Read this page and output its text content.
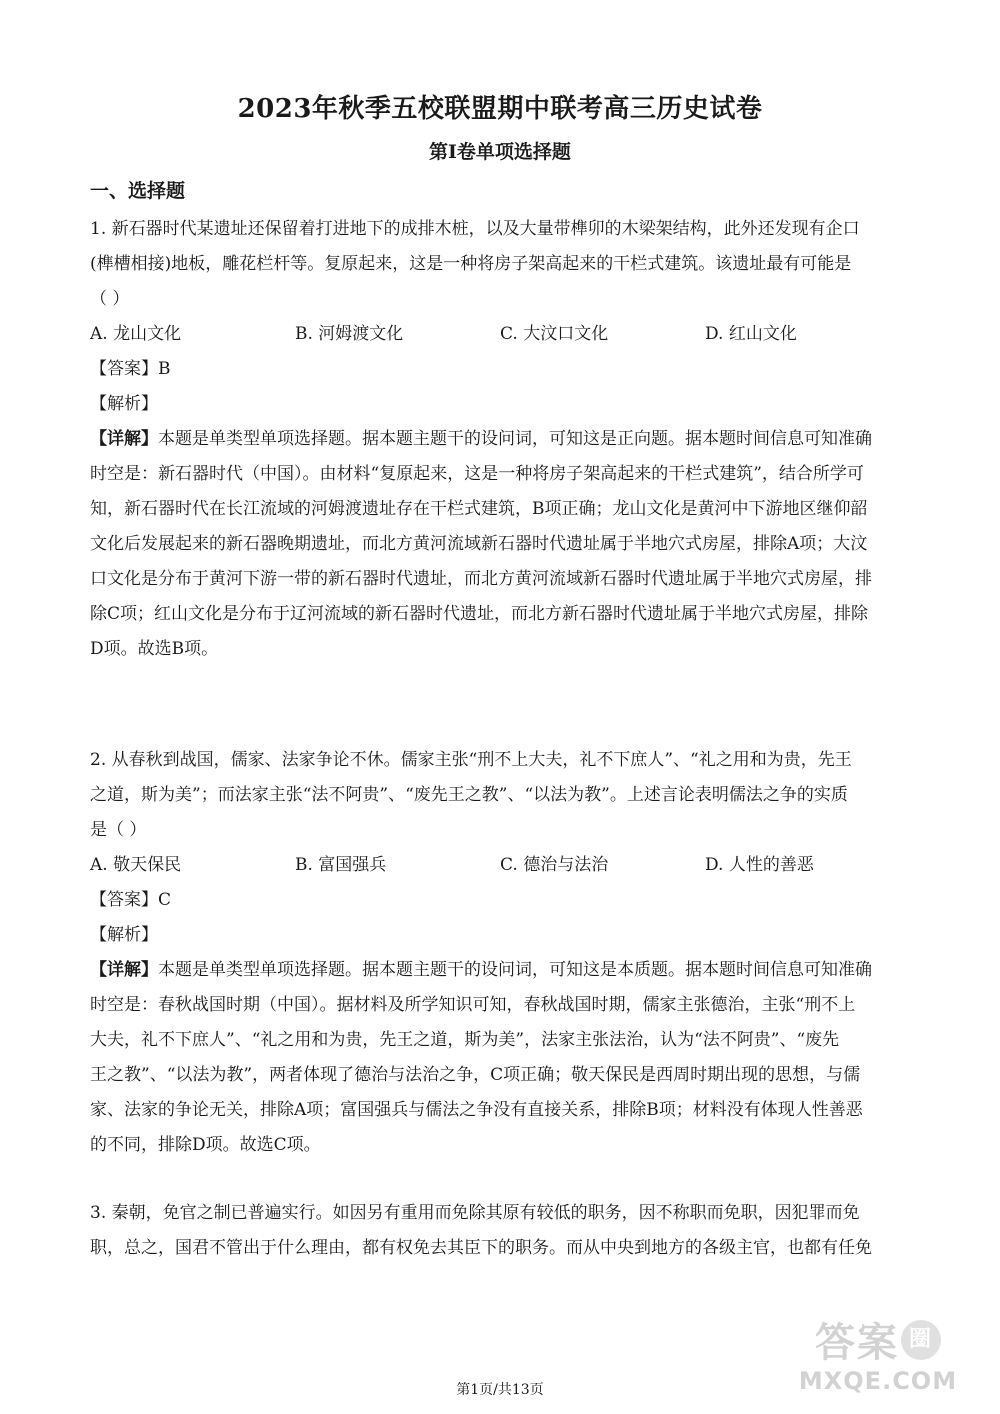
2023年秋季五校联盟期中联考高三历史试卷
第Ⅰ卷单项选择题
一、选择题

1. 新石器时代某遗址还保留着打进地下的成排木桩，以及大量带榫卯的木梁架结构，此外还发现有企口

(榫槽相接)地板，雕花栏杆等。复原起来，这是一种将房子架高起来的干栏式建筑。该遗址最有可能是

（ ）

A. 龙山文化	B. 河姆渡文化	C. 大汶口文化	D. 红山文化

【答案】B

【解析】

【详解】本题是单类型单项选择题。据本题主题干的设问词，可知这是正向题。据本题时间信息可知准确

时空是：新石器时代（中国）。由材料“复原起来，这是一种将房子架高起来的干栏式建筑”，结合所学可

知，新石器时代在长江流域的河姆渡遗址存在干栏式建筑，B项正确；龙山文化是黄河中下游地区继仰韶

文化后发展起来的新石器晚期遗址，而北方黄河流域新石器时代遗址属于半地穴式房屋，排除A项；大汶

口文化是分布于黄河下游一带的新石器时代遗址，而北方黄河流域新石器时代遗址属于半地穴式房屋，排

除C项；红山文化是分布于辽河流域的新石器时代遗址，而北方新石器时代遗址属于半地穴式房屋，排除

D项。故选B项。

2. 从春秋到战国，儒家、法家争论不休。儒家主张“刑不上大夫，礼不下庶人”、“礼之用和为贵，先王

之道，斯为美”；而法家主张“法不阿贵”、“废先王之教”、“以法为教”。上述言论表明儒法之争的实质

是（ ）

A. 敬天保民	B. 富国强兵	C. 德治与法治	D. 人性的善恶

【答案】C

【解析】

【详解】本题是单类型单项选择题。据本题主题干的设问词，可知这是本质题。据本题时间信息可知准确

时空是：春秋战国时期（中国）。据材料及所学知识可知，春秋战国时期，儒家主张德治，主张“刑不上

大夫，礼不下庶人”、“礼之用和为贵，先王之道，斯为美”，法家主张法治，认为“法不阿贵”、“废先

王之教”、“以法为教”，两者体现了德治与法治之争，C项正确；敬天保民是西周时期出现的思想，与儒

家、法家的争论无关，排除A项；富国强兵与儒法之争没有直接关系，排除B项；材料没有体现人性善恶

的不同，排除D项。故选C项。

3. 秦朝，免官之制已普遍实行。如因另有重用而免除其原有较低的职务，因不称职而免职，因犯罪而免

职，总之，国君不管出于什么理由，都有权免去其臣下的职务。而从中央到地方的各级主官，也都有任免

第1页/共13页
答案 圈
MXQE.COM
